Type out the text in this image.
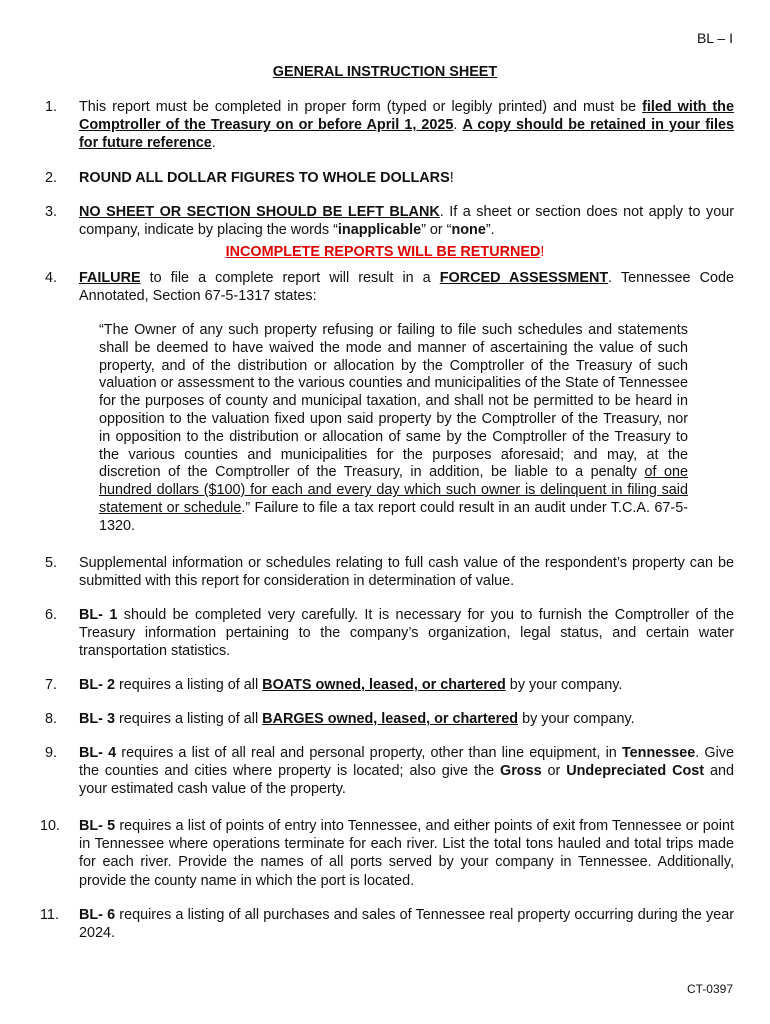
BL – I
GENERAL INSTRUCTION SHEET
1. This report must be completed in proper form (typed or legibly printed) and must be filed with the Comptroller of the Treasury on or before April 1, 2025. A copy should be retained in your files for future reference.
2. ROUND ALL DOLLAR FIGURES TO WHOLE DOLLARS!
3. NO SHEET OR SECTION SHOULD BE LEFT BLANK. If a sheet or section does not apply to your company, indicate by placing the words “inapplicable” or “none”.
INCOMPLETE REPORTS WILL BE RETURNED!
4. FAILURE to file a complete report will result in a FORCED ASSESSMENT. Tennessee Code Annotated, Section 67-5-1317 states:
“The Owner of any such property refusing or failing to file such schedules and statements shall be deemed to have waived the mode and manner of ascertaining the value of such property, and of the distribution or allocation by the Comptroller of the Treasury of such valuation or assessment to the various counties and municipalities of the State of Tennessee for the purposes of county and municipal taxation, and shall not be permitted to be heard in opposition to the valuation fixed upon said property by the Comptroller of the Treasury, nor in opposition to the distribution or allocation of same by the Comptroller of the Treasury to the various counties and municipalities for the purposes aforesaid; and may, at the discretion of the Comptroller of the Treasury, in addition, be liable to a penalty of one hundred dollars ($100) for each and every day which such owner is delinquent in filing said statement or schedule.” Failure to file a tax report could result in an audit under T.C.A. 67-5-1320.
5. Supplemental information or schedules relating to full cash value of the respondent’s property can be submitted with this report for consideration in determination of value.
6. BL- 1 should be completed very carefully. It is necessary for you to furnish the Comptroller of the Treasury information pertaining to the company’s organization, legal status, and certain water transportation statistics.
7. BL- 2 requires a listing of all BOATS owned, leased, or chartered by your company.
8. BL- 3 requires a listing of all BARGES owned, leased, or chartered by your company.
9. BL- 4 requires a list of all real and personal property, other than line equipment, in Tennessee. Give the counties and cities where property is located; also give the Gross or Undepreciated Cost and your estimated cash value of the property.
10. BL- 5 requires a list of points of entry into Tennessee, and either points of exit from Tennessee or point in Tennessee where operations terminate for each river. List the total tons hauled and total trips made for each river. Provide the names of all ports served by your company in Tennessee. Additionally, provide the county name in which the port is located.
11. BL- 6 requires a listing of all purchases and sales of Tennessee real property occurring during the year 2024.
CT-0397
